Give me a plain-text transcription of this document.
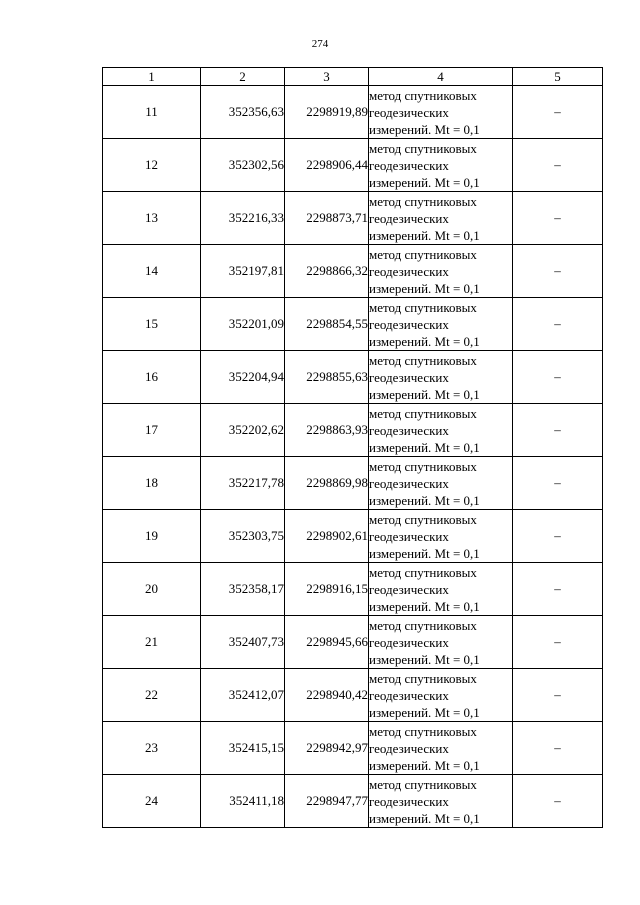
274
1	2	3	4	5
11	352356,63	2298919,89	метод спутниковых
геодезических
измерений. Mt = 0,1	–
12	352302,56	2298906,44	метод спутниковых
геодезических
измерений. Mt = 0,1	–
13	352216,33	2298873,71	метод спутниковых
геодезических
измерений. Mt = 0,1	–
14	352197,81	2298866,32	метод спутниковых
геодезических
измерений. Mt = 0,1	–
15	352201,09	2298854,55	метод спутниковых
геодезических
измерений. Mt = 0,1	–
16	352204,94	2298855,63	метод спутниковых
геодезических
измерений. Mt = 0,1	–
17	352202,62	2298863,93	метод спутниковых
геодезических
измерений. Mt = 0,1	–
18	352217,78	2298869,98	метод спутниковых
геодезических
измерений. Mt = 0,1	–
19	352303,75	2298902,61	метод спутниковых
геодезических
измерений. Mt = 0,1	–
20	352358,17	2298916,15	метод спутниковых
геодезических
измерений. Mt = 0,1	–
21	352407,73	2298945,66	метод спутниковых
геодезических
измерений. Mt = 0,1	–
22	352412,07	2298940,42	метод спутниковых
геодезических
измерений. Mt = 0,1	–
23	352415,15	2298942,97	метод спутниковых
геодезических
измерений. Mt = 0,1	–
24	352411,18	2298947,77	метод спутниковых
геодезических
измерений. Mt = 0,1	–
